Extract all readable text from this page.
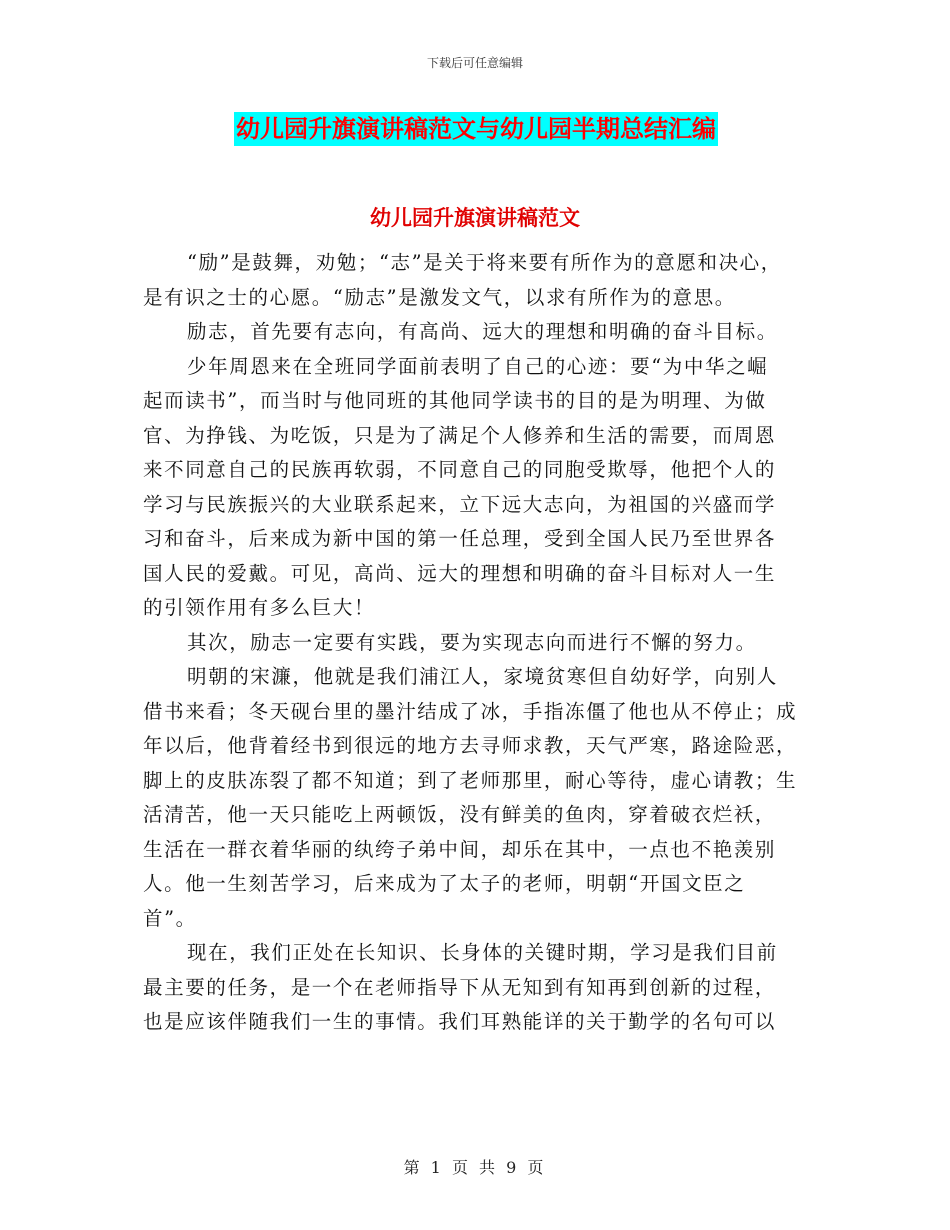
下载后可任意编辑
幼儿园升旗演讲稿范文与幼儿园半期总结汇编
幼儿园升旗演讲稿范文
“励”是鼓舞，劝勉；“志”是关于将来要有所作为的意愿和决心，
是有识之士的心愿。“励志”是激发文气，以求有所作为的意思。
励志，首先要有志向，有高尚、远大的理想和明确的奋斗目标。
少年周恩来在全班同学面前表明了自己的心迹：要“为中华之崛
起而读书”，而当时与他同班的其他同学读书的目的是为明理、为做
官、为挣钱、为吃饭，只是为了满足个人修养和生活的需要，而周恩
来不同意自己的民族再软弱，不同意自己的同胞受欺辱，他把个人的
学习与民族振兴的大业联系起来，立下远大志向，为祖国的兴盛而学
习和奋斗，后来成为新中国的第一任总理，受到全国人民乃至世界各
国人民的爱戴。可见，高尚、远大的理想和明确的奋斗目标对人一生
的引领作用有多么巨大！
其次，励志一定要有实践，要为实现志向而进行不懈的努力。
明朝的宋濂，他就是我们浦江人，家境贫寒但自幼好学，向别人
借书来看；冬天砚台里的墨汁结成了冰，手指冻僵了他也从不停止；成
年以后，他背着经书到很远的地方去寻师求教，天气严寒，路途险恶，
脚上的皮肤冻裂了都不知道；到了老师那里，耐心等待，虚心请教；生
活清苦，他一天只能吃上两顿饭，没有鲜美的鱼肉，穿着破衣烂袄，
生活在一群衣着华丽的纨绔子弟中间，却乐在其中，一点也不艳羡别
人。他一生刻苦学习，后来成为了太子的老师，明朝“开国文臣之
首”。
现在，我们正处在长知识、长身体的关键时期，学习是我们目前
最主要的任务，是一个在老师指导下从无知到有知再到创新的过程，
也是应该伴随我们一生的事情。我们耳熟能详的关于勤学的名句可以
第 1 页 共 9 页
